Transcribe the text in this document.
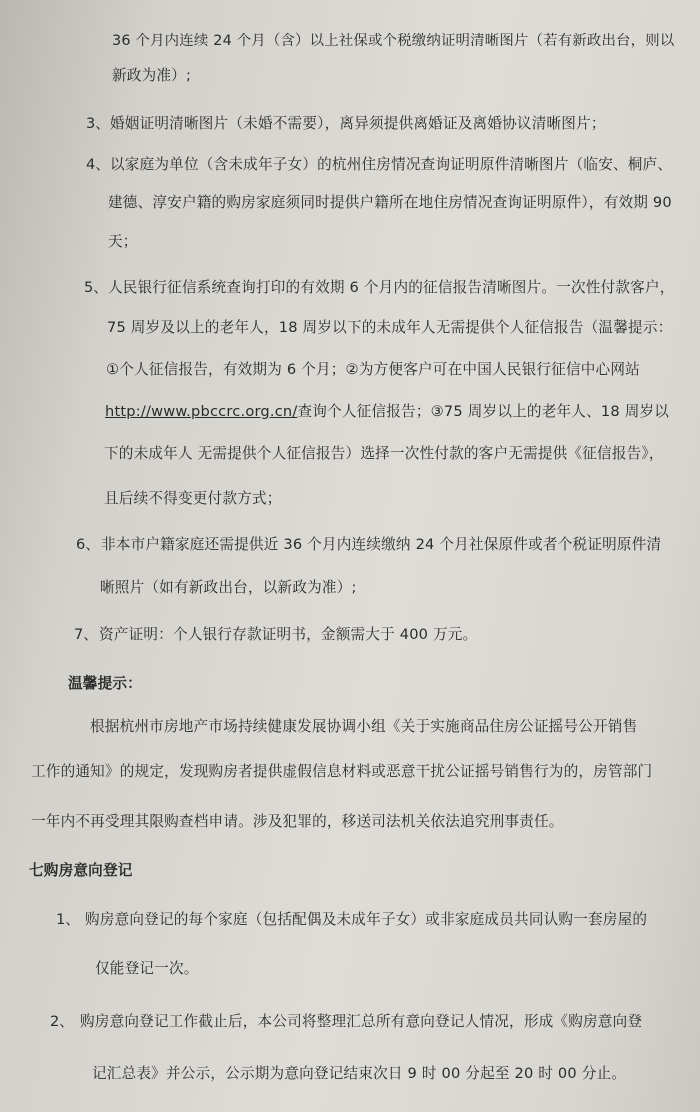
36 个月内连续 24 个月（含）以上社保或个税缴纳证明清晰图片（若有新政出台，则以
新政为准）;
3、 婚姻证明清晰图片（未婚不需要），离异须提供离婚证及离婚协议清晰图片；
4、 以家庭为单位（含未成年子女）的杭州住房情况查询证明原件清晰图片（临安、桐庐、
建德、淳安户籍的购房家庭须同时提供户籍所在地住房情况查询证明原件），有效期 90
天；
5、 人民银行征信系统查询打印的有效期 6 个月内的征信报告清晰图片。一次性付款客户，
75 周岁及以上的老年人，18 周岁以下的未成年人无需提供个人征信报告（温馨提示：
①个人征信报告，有效期为 6 个月；②为方便客户可在中国人民银行征信中心网站
http://www.pbccrc.org.cn/查询个人征信报告；③75 周岁以上的老年人、18 周岁以
下的未成年人 无需提供个人征信报告）选择一次性付款的客户无需提供《征信报告》，
且后续不得变更付款方式；
6、 非本市户籍家庭还需提供近 36 个月内连续缴纳 24 个月社保原件或者个税证明原件清
晰照片（如有新政出台，以新政为准）;
7、 资产证明：个人银行存款证明书，金额需大于 400 万元。
温馨提示：
根据杭州市房地产市场持续健康发展协调小组《关于实施商品住房公证摇号公开销售
工作的通知》的规定，发现购房者提供虚假信息材料或恶意干扰公证摇号销售行为的，房管部门
一年内不再受理其限购查档申请。涉及犯罪的，移送司法机关依法追究刑事责任。
七购房意向登记
1、 购房意向登记的每个家庭（包括配偶及未成年子女）或非家庭成员共同认购一套房屋的
仅能登记一次。
2、 购房意向登记工作截止后，本公司将整理汇总所有意向登记人情况，形成《购房意向登
记汇总表》并公示，公示期为意向登记结束次日 9 时 00 分起至 20 时 00 分止。
